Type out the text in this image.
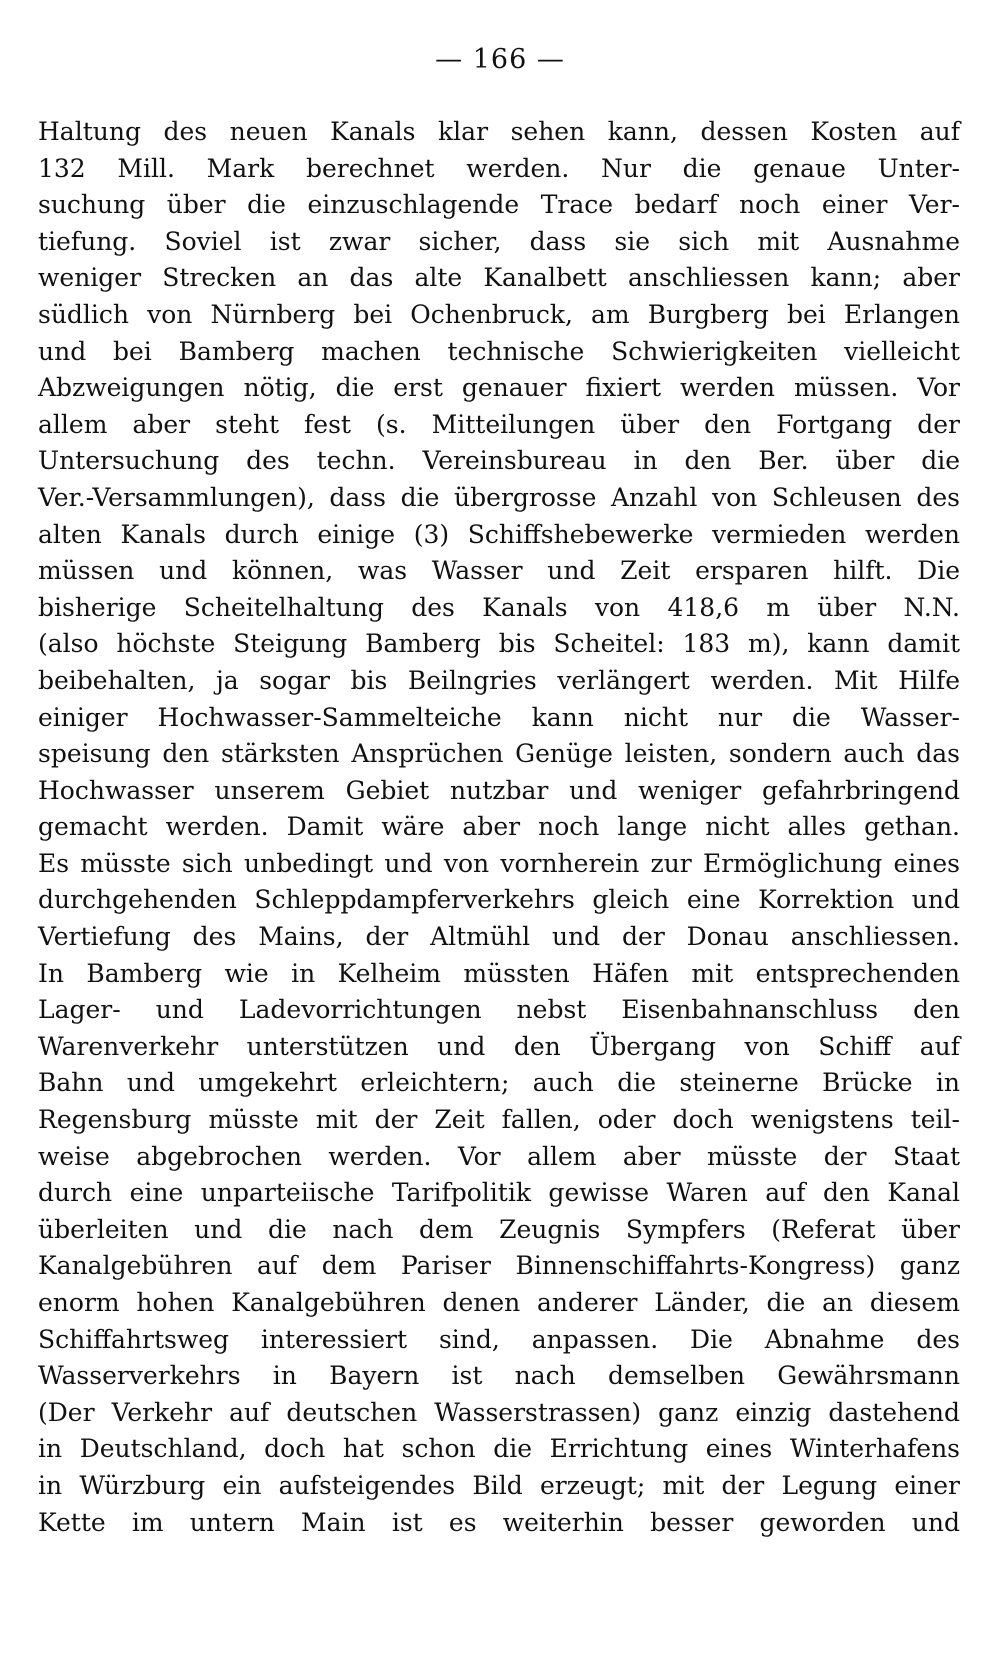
— 166 —
Haltung des neuen Kanals klar sehen kann, dessen Kosten auf
132 Mill. Mark berechnet werden. Nur die genaue Unter-
suchung über die einzuschlagende Trace bedarf noch einer Ver-
tiefung. Soviel ist zwar sicher, dass sie sich mit Ausnahme
weniger Strecken an das alte Kanalbett anschliessen kann; aber
südlich von Nürnberg bei Ochenbruck, am Burgberg bei Erlangen
und bei Bamberg machen technische Schwierigkeiten vielleicht
Abzweigungen nötig, die erst genauer fixiert werden müssen. Vor
allem aber steht fest (s. Mitteilungen über den Fortgang der
Untersuchung des techn. Vereinsbureau in den Ber. über die
Ver.-Versammlungen), dass die übergrosse Anzahl von Schleusen des
alten Kanals durch einige (3) Schiffshebewerke vermieden werden
müssen und können, was Wasser und Zeit ersparen hilft. Die
bisherige Scheitelhaltung des Kanals von 418,6 m über N.N.
(also höchste Steigung Bamberg bis Scheitel: 183 m), kann damit
beibehalten, ja sogar bis Beilngries verlängert werden. Mit Hilfe
einiger Hochwasser-Sammelteiche kann nicht nur die Wasser-
speisung den stärksten Ansprüchen Genüge leisten, sondern auch das
Hochwasser unserem Gebiet nutzbar und weniger gefahrbringend
gemacht werden. Damit wäre aber noch lange nicht alles gethan.
Es müsste sich unbedingt und von vornherein zur Ermöglichung eines
durchgehenden Schleppdampferverkehrs gleich eine Korrektion und
Vertiefung des Mains, der Altmühl und der Donau anschliessen.
In Bamberg wie in Kelheim müssten Häfen mit entsprechenden
Lager- und Ladevorrichtungen nebst Eisenbahnanschluss den
Warenverkehr unterstützen und den Übergang von Schiff auf
Bahn und umgekehrt erleichtern; auch die steinerne Brücke in
Regensburg müsste mit der Zeit fallen, oder doch wenigstens teil-
weise abgebrochen werden. Vor allem aber müsste der Staat
durch eine unparteiische Tarifpolitik gewisse Waren auf den Kanal
überleiten und die nach dem Zeugnis Sympfers (Referat über
Kanalgebühren auf dem Pariser Binnenschiffahrts-Kongress) ganz
enorm hohen Kanalgebühren denen anderer Länder, die an diesem
Schiffahrtsweg interessiert sind, anpassen. Die Abnahme des
Wasserverkehrs in Bayern ist nach demselben Gewährsmann
(Der Verkehr auf deutschen Wasserstrassen) ganz einzig dastehend
in Deutschland, doch hat schon die Errichtung eines Winterhafens
in Würzburg ein aufsteigendes Bild erzeugt; mit der Legung einer
Kette im untern Main ist es weiterhin besser geworden und
